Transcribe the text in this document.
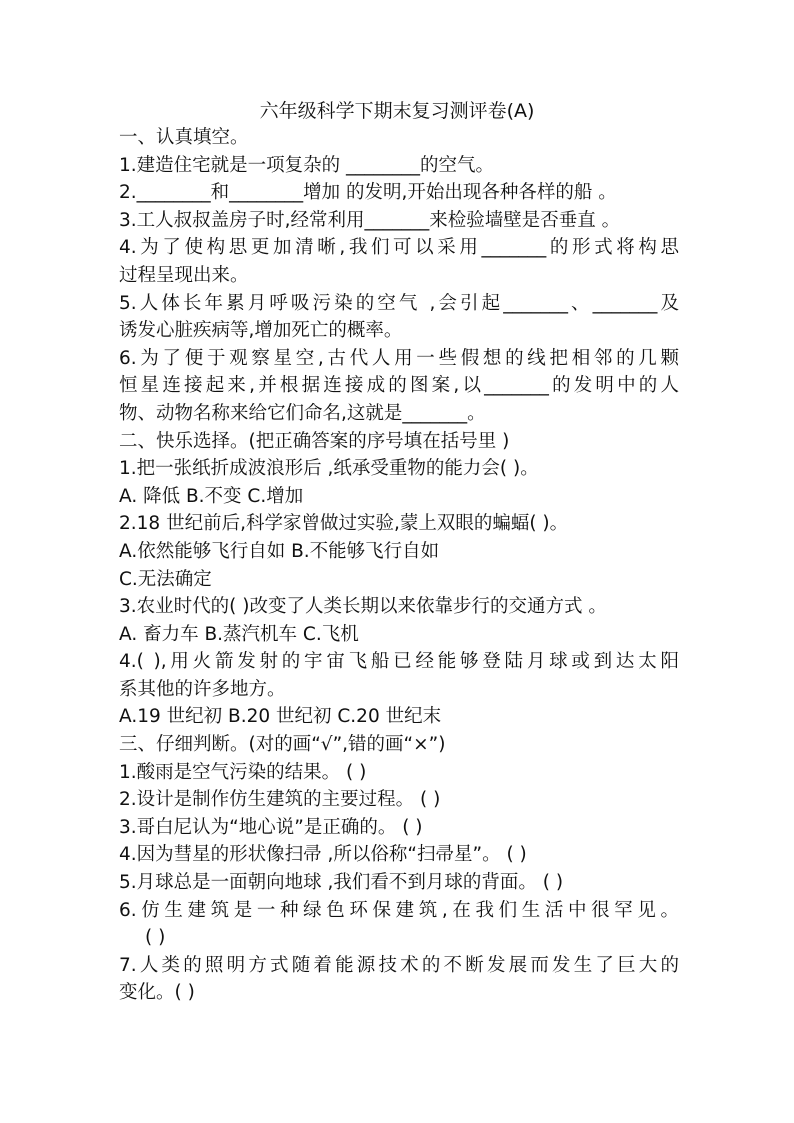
六年级科学下期末复习测评卷(A)
一、认真填空。
1.建造住宅就是一项复杂的 ________的空气。
2.________和________增加 的发明,开始出现各种各样的船 。
3.工人叔叔盖房子时,经常利用_______来检验墙壁是否垂直 。
4.为了使构思更加清晰,我们可以采用_______的形式将构思
过程呈现出来。
5.人体长年累月呼吸污染的空气 ,会引起_______、_______及
诱发心脏疾病等,增加死亡的概率。
6.为了便于观察星空,古代人用一些假想的线把相邻的几颗
恒星连接起来,并根据连接成的图案,以_______的发明中的人
物、动物名称来给它们命名,这就是_______。
二、快乐选择。(把正确答案的序号填在括号里 )
1.把一张纸折成波浪形后 ,纸承受重物的能力会( )。
A. 降低 B.不变 C.增加
2.18 世纪前后,科学家曾做过实验,蒙上双眼的蝙蝠( )。
A.依然能够飞行自如 B.不能够飞行自如
C.无法确定
3.农业时代的( )改变了人类长期以来依靠步行的交通方式 。
A. 畜力车 B.蒸汽机车 C.飞机
4.( ),用火箭发射的宇宙飞船已经能够登陆月球或到达太阳
系其他的许多地方。
A.19 世纪初 B.20 世纪初 C.20 世纪末
三、仔细判断。(对的画“√”,错的画“×”)
1.酸雨是空气污染的结果。 ( )
2.设计是制作仿生建筑的主要过程。 ( )
3.哥白尼认为“地心说”是正确的。 ( )
4.因为彗星的形状像扫帚 ,所以俗称“扫帚星”。 ( )
5.月球总是一面朝向地球 ,我们看不到月球的背面。 ( )
6.仿生建筑是一种绿色环保建筑,在我们生活中很罕见。
( )
7.人类的照明方式随着能源技术的不断发展而发生了巨大的
变化。( )
